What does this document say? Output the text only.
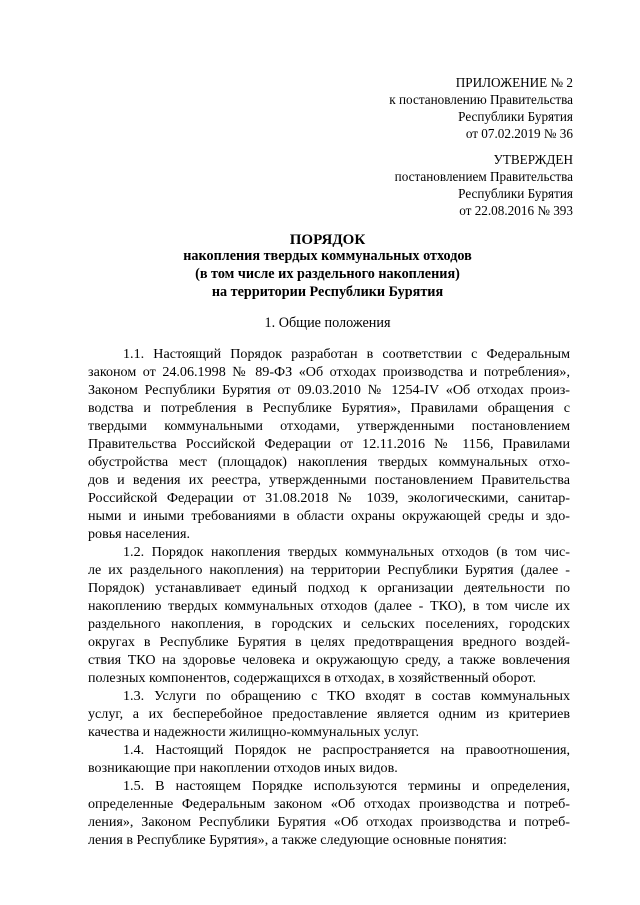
ПРИЛОЖЕНИЕ № 2
к постановлению Правительства
Республики Бурятия
от 07.02.2019 № 36
УТВЕРЖДЕН
постановлением Правительства
Республики Бурятия
от 22.08.2016 № 393
ПОРЯДОК
накопления твердых коммунальных отходов
(в том числе их раздельного накопления)
на территории Республики Бурятия
1. Общие положения
1.1. Настоящий Порядок разработан в соответствии с Федеральным
законом от 24.06.1998 № 89-ФЗ «Об отходах производства и потребления»,
Законом Республики Бурятия от 09.03.2010 № 1254-IV «Об отходах произ-
водства и потребления в Республике Бурятия», Правилами обращения с
твердыми коммунальными отходами, утвержденными постановлением
Правительства Российской Федерации от 12.11.2016 № 1156, Правилами
обустройства мест (площадок) накопления твердых коммунальных отхо-
дов и ведения их реестра, утвержденными постановлением Правительства
Российской Федерации от 31.08.2018 № 1039, экологическими, санитар-
ными и иными требованиями в области охраны окружающей среды и здо-
ровья населения.
1.2. Порядок накопления твердых коммунальных отходов (в том чис-
ле их раздельного накопления) на территории Республики Бурятия (далее -
Порядок) устанавливает единый подход к организации деятельности по
накоплению твердых коммунальных отходов (далее - ТКО), в том числе их
раздельного накопления, в городских и сельских поселениях, городских
округах в Республике Бурятия в целях предотвращения вредного воздей-
ствия ТКО на здоровье человека и окружающую среду, а также вовлечения
полезных компонентов, содержащихся в отходах, в хозяйственный оборот.
1.3. Услуги по обращению с ТКО входят в состав коммунальных
услуг, а их бесперебойное предоставление является одним из критериев
качества и надежности жилищно-коммунальных услуг.
1.4. Настоящий Порядок не распространяется на правоотношения,
возникающие при накоплении отходов иных видов.
1.5. В настоящем Порядке используются термины и определения,
определенные Федеральным законом «Об отходах производства и потреб-
ления», Законом Республики Бурятия «Об отходах производства и потреб-
ления в Республике Бурятия», а также следующие основные понятия:
